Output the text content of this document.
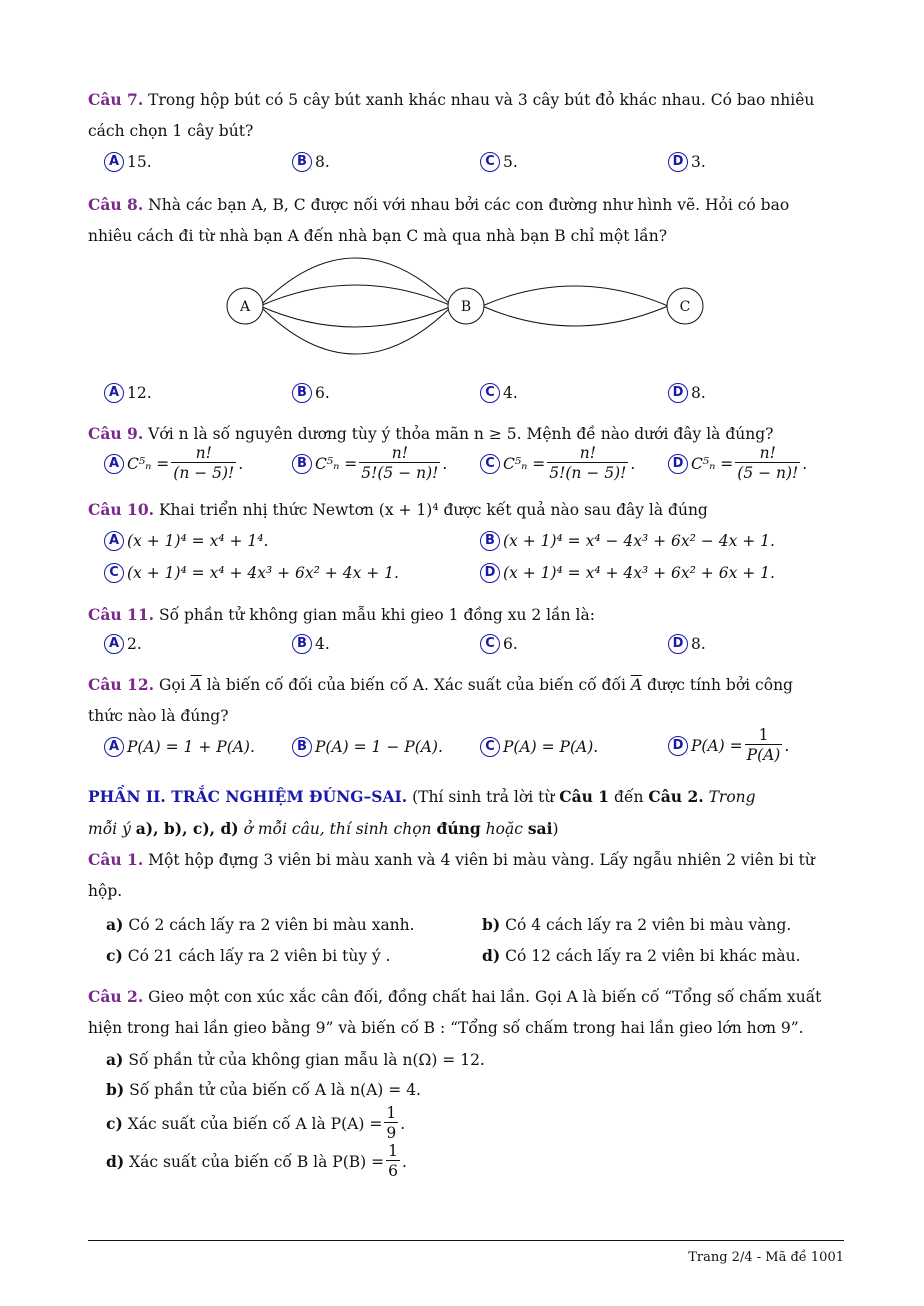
Câu 7. Trong hộp bút có 5 cây bút xanh khác nhau và 3 cây bút đỏ khác nhau. Có bao nhiêu
cách chọn 1 cây bút?
A 15.	B 8.	C 5.	D 3.
Câu 8. Nhà các bạn A, B, C được nối với nhau bởi các con đường như hình vẽ. Hỏi có bao
nhiêu cách đi từ nhà bạn A đến nhà bạn C mà qua nhà bạn B chỉ một lần?
A	B	C
A 12.	B 6.	C 4.	D 8.
Câu 9. Với n là số nguyên dương tùy ý thỏa mãn n ≥ 5. Mệnh đề nào dưới đây là đúng?
A $C^5_n = \frac{n!}{(n - 5)!}$ .	B $C^5_n = \frac{n!}{5!(5 - n)!}$ .	C $C^5_n = \frac{n!}{5!(n - 5)!}$ .	D $C^5_n = \frac{n!}{(5 - n)!}$ .
Câu 10. Khai triển nhị thức Newtơn (x + 1)⁴ được kết quả nào sau đây là đúng
A (x + 1)⁴ = x⁴ + 1⁴.	B (x + 1)⁴ = x⁴ − 4x³ + 6x² − 4x + 1.
C (x + 1)⁴ = x⁴ + 4x³ + 6x² + 4x + 1.	D (x + 1)⁴ = x⁴ + 4x³ + 6x² + 6x + 1.
Câu 11. Số phần tử không gian mẫu khi gieo 1 đồng xu 2 lần là:
A 2.	B 4.	C 6.	D 8.
Câu 12. Gọi $\overline{A}$ là biến cố đối của biến cố A. Xác suất của biến cố đối $\overline{A}$ được tính bởi công
thức nào là đúng?
A P(A) = 1 + P(A).	B P(A) = 1 − P(A).	C P(A) = P(A).	D $P(A) = \frac{1}{P(A)}$ .
PHẦN II. TRẮC NGHIỆM ĐÚNG–SAI. (Thí sinh trả lời từ Câu 1 đến Câu 2. Trong
mỗi ý a), b), c), d) ở mỗi câu, thí sinh chọn đúng hoặc sai)
Câu 1. Một hộp đựng 3 viên bi màu xanh và 4 viên bi màu vàng. Lấy ngẫu nhiên 2 viên bi từ
hộp.
a) Có 2 cách lấy ra 2 viên bi màu xanh.	b) Có 4 cách lấy ra 2 viên bi màu vàng.
c) Có 21 cách lấy ra 2 viên bi tùy ý .	d) Có 12 cách lấy ra 2 viên bi khác màu.
Câu 2. Gieo một con xúc xắc cân đối, đồng chất hai lần. Gọi A là biến cố “Tổng số chấm xuất
hiện trong hai lần gieo bằng 9” và biến cố B : “Tổng số chấm trong hai lần gieo lớn hơn 9”.
a) Số phần tử của không gian mẫu là n(Ω) = 12.
b) Số phần tử của biến cố A là n(A) = 4.
c)
Xác suất của biến cố A là $P(A) = \frac{1}{9}$ .
d)
Xác suất của biến cố B là $P(B) = \frac{1}{6}$ .
Trang 2/4 - Mã đề 1001
